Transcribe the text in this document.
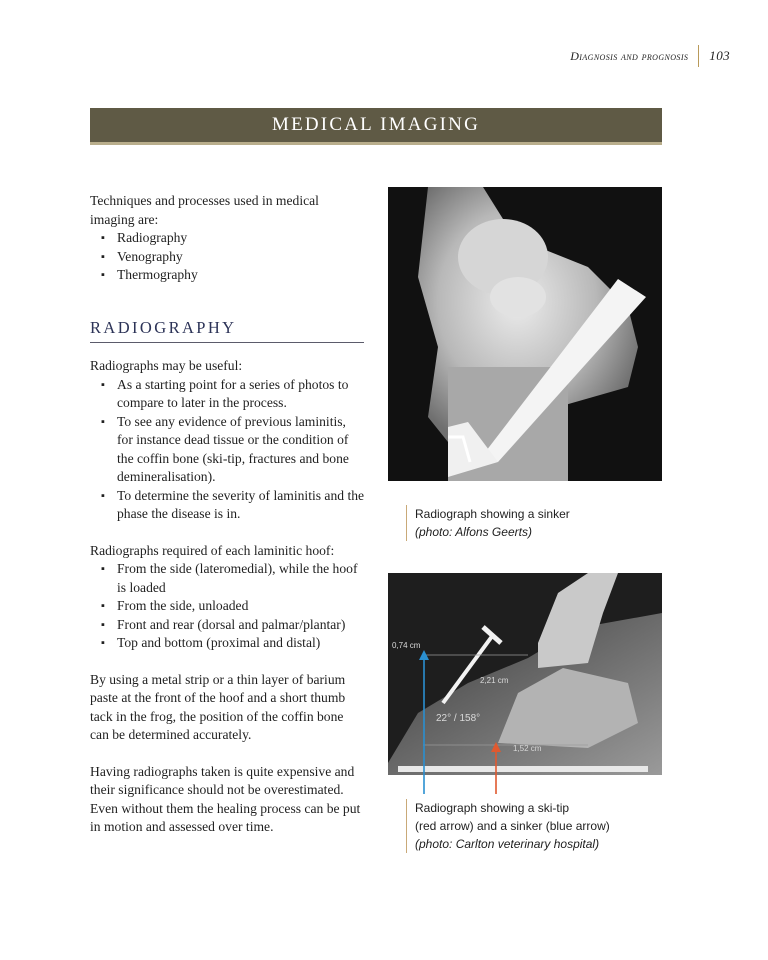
Diagnosis and prognosis 103
MEDICAL IMAGING

Techniques and processes used in medical imaging are:

▪ Radiography
▪ Venography
▪ Thermography
RADIOGRAPHY

Radiographs may be useful:

▪ As a starting point for a series of photos to compare to later in the process.
▪ To see any evidence of previous laminitis, for instance dead tissue or the condition of the coffin bone (ski-tip, fractures and bone demineralisation).
▪ To determine the severity of laminitis and the phase the disease is in.

Radiographs required of each laminitic hoof:

▪ From the side (lateromedial), while the hoof is loaded
▪ From the side, unloaded
▪ Front and rear (dorsal and palmar/plantar)
▪ Top and bottom (proximal and distal)

By using a metal strip or a thin layer of barium paste at the front of the hoof and a short thumb tack in the frog, the position of the coffin bone can be determined accurately.

Having radiographs taken is quite expensive and their significance should not be overestimated. Even without them the healing process can be put in motion and assessed over time.

Radiograph showing a sinker
(photo: Alfons Geerts)
0,74 cm
2,21 cm
1,52 cm
22° / 158°
Radiograph showing a ski-tip
(red arrow) and a sinker (blue arrow)
(photo: Carlton veterinary hospital)
